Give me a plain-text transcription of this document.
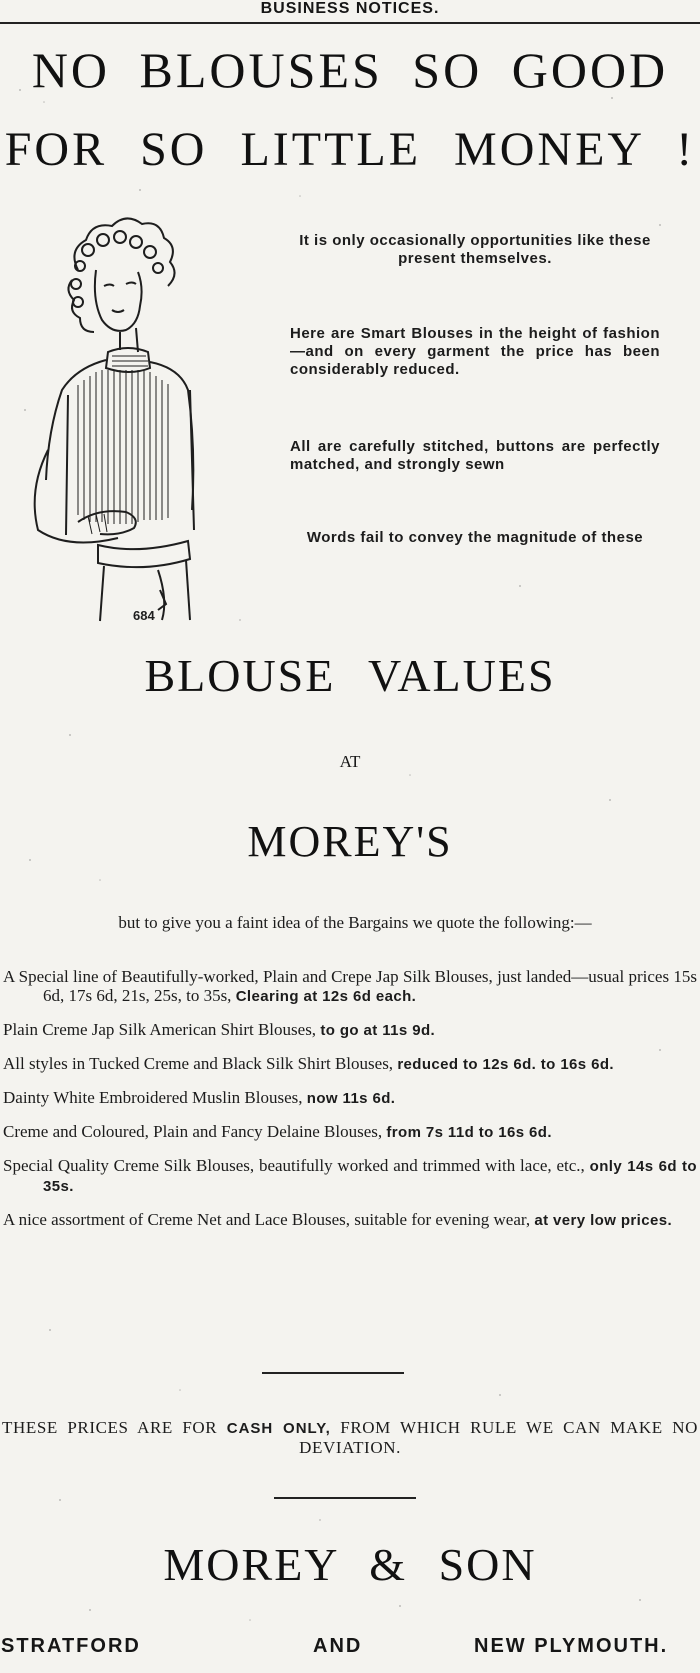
BUSINESS NOTICES.
NO BLOUSES SO GOOD
FOR SO LITTLE MONEY !
684
It is only occasionally opportunities like these present themselves.
Here are Smart Blouses in the height of fashion—and on every garment the price has been considerably reduced.
All are carefully stitched, buttons are perfectly matched, and strongly sewn
Words fail to convey the magnitude of these
BLOUSE VALUES
AT
MOREY'S
but to give you a faint idea of the Bargains we quote the following:—
A Special line of Beautifully-worked, Plain and Crepe Jap Silk Blouses, just landed—usual prices 15s 6d, 17s 6d, 21s, 25s, to 35s, Clearing at 12s 6d each.
Plain Creme Jap Silk American Shirt Blouses, to go at 11s 9d.
All styles in Tucked Creme and Black Silk Shirt Blouses, reduced to 12s 6d. to 16s 6d.
Dainty White Embroidered Muslin Blouses, now 11s 6d.
Creme and Coloured, Plain and Fancy Delaine Blouses, from 7s 11d to 16s 6d.
Special Quality Creme Silk Blouses, beautifully worked and trimmed with lace, etc., only 14s 6d to 35s.
A nice assortment of Creme Net and Lace Blouses, suitable for evening wear, at very low prices.
THESE PRICES ARE FOR CASH ONLY, FROM WHICH RULE WE CAN MAKE NO DEVIATION.
MOREY & SON
STRATFORD	AND	NEW PLYMOUTH.
